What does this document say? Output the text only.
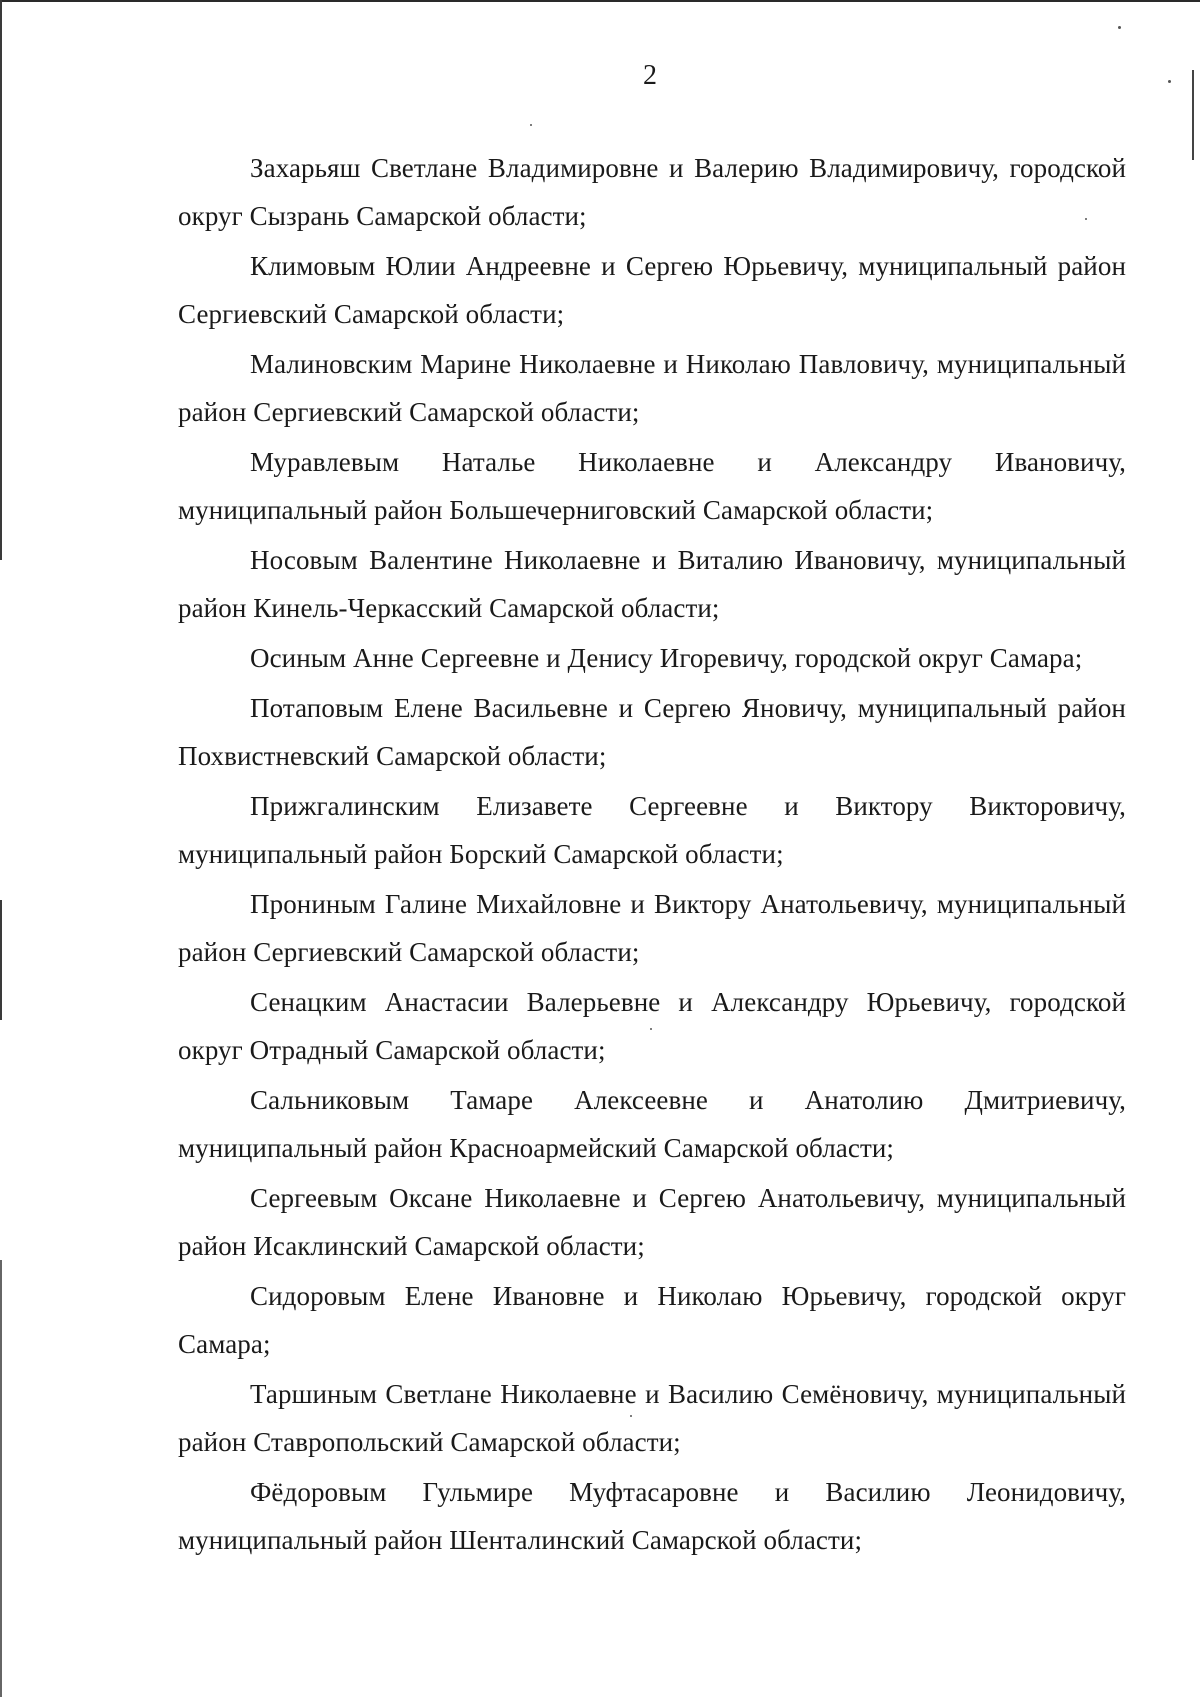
2

Захарьяш Светлане Владимировне и Валерию Владимировичу, городской округ Сызрань Самарской области;

Климовым Юлии Андреевне и Сергею Юрьевичу, муниципальный район Сергиевский Самарской области;

Малиновским Марине Николаевне и Николаю Павловичу, муниципальный район Сергиевский Самарской области;

Муравлевым Наталье Николаевне и Александру Ивановичу, муниципальный район Большечерниговский Самарской области;

Носовым Валентине Николаевне и Виталию Ивановичу, муниципальный район Кинель-Черкасский Самарской области;

Осиным Анне Сергеевне и Денису Игоревичу, городской округ Самара;

Потаповым Елене Васильевне и Сергею Яновичу, муниципальный район Похвистневский Самарской области;

Прижгалинским Елизавете Сергеевне и Виктору Викторовичу, муниципальный район Борский Самарской области;

Прониным Галине Михайловне и Виктору Анатольевичу, муниципальный район Сергиевский Самарской области;

Сенацким Анастасии Валерьевне и Александру Юрьевичу, городской округ Отрадный Самарской области;

Сальниковым Тамаре Алексеевне и Анатолию Дмитриевичу, муниципальный район Красноармейский Самарской области;

Сергеевым Оксане Николаевне и Сергею Анатольевичу, муниципальный район Исаклинский Самарской области;

Сидоровым Елене Ивановне и Николаю Юрьевичу, городской округ Самара;

Таршиным Светлане Николаевне и Василию Семёновичу, муниципальный район Ставропольский Самарской области;

Фёдоровым Гульмире Муфтасаровне и Василию Леонидовичу, муниципальный район Шенталинский Самарской области;
